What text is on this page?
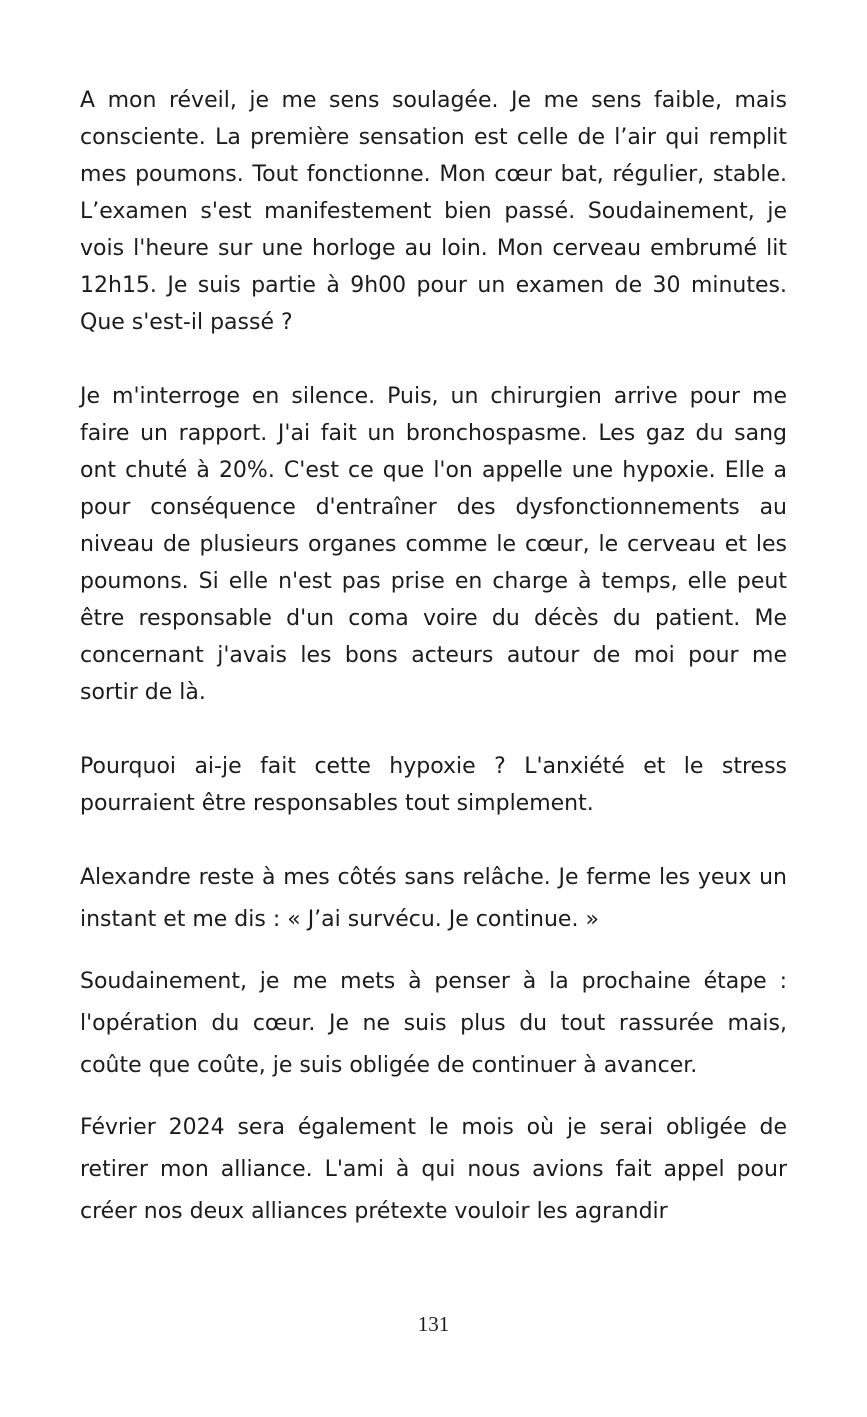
A mon réveil, je me sens soulagée. Je me sens faible, mais consciente. La première sensation est celle de l’air qui remplit mes poumons. Tout fonctionne. Mon cœur bat, régulier, stable. L’examen s'est manifestement bien passé. Soudainement, je vois l'heure sur une horloge au loin. Mon cerveau embrumé lit 12h15. Je suis partie à 9h00 pour un examen de 30 minutes. Que s'est-il passé ?

Je m'interroge en silence. Puis, un chirurgien arrive pour me faire un rapport. J'ai fait un bronchospasme. Les gaz du sang ont chuté à 20%. C'est ce que l'on appelle une hypoxie. Elle a pour conséquence d'entraîner des dysfonctionnements au niveau de plusieurs organes comme le cœur, le cerveau et les poumons. Si elle n'est pas prise en charge à temps, elle peut être responsable d'un coma voire du décès du patient. Me concernant j'avais les bons acteurs autour de moi pour me sortir de là.

Pourquoi ai-je fait cette hypoxie ? L'anxiété et le stress pourraient être responsables tout simplement.

Alexandre reste à mes côtés sans relâche. Je ferme les yeux un instant et me dis : « J’ai survécu. Je continue. »

Soudainement, je me mets à penser à la prochaine étape : l'opération du cœur. Je ne suis plus du tout rassurée mais, coûte que coûte, je suis obligée de continuer à avancer.

Février 2024 sera également le mois où je serai obligée de retirer mon alliance. L'ami à qui nous avions fait appel pour créer nos deux alliances prétexte vouloir les agrandir

131
